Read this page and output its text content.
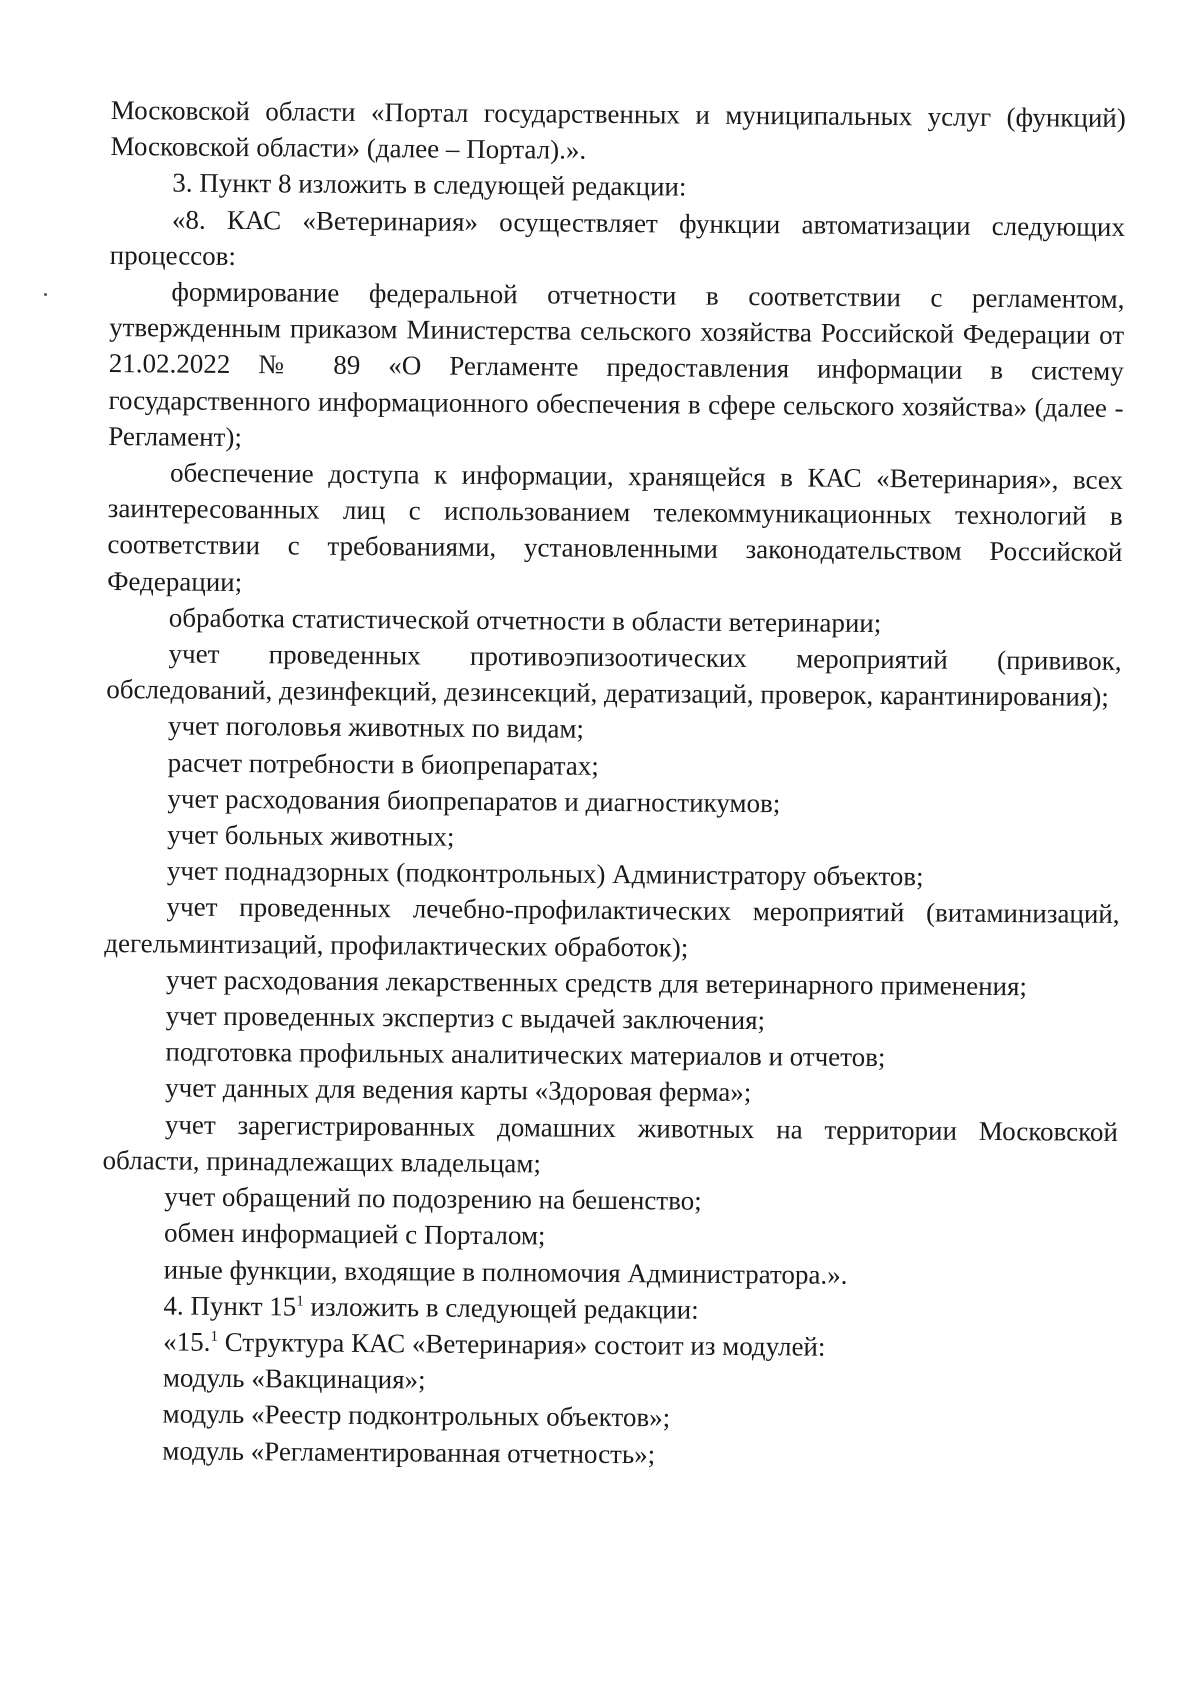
Московской области «Портал государственных и муниципальных услуг (функций) Московской области» (далее – Портал).».

3. Пункт 8 изложить в следующей редакции:

«8. КАС «Ветеринария» осуществляет функции автоматизации следующих процессов:

формирование федеральной отчетности в соответствии с регламентом, утвержденным приказом Министерства сельского хозяйства Российской Федерации от 21.02.2022 № 89 «О Регламенте предоставления информации в систему государственного информационного обеспечения в сфере сельского хозяйства» (далее - Регламент);

обеспечение доступа к информации, хранящейся в КАС «Ветеринария», всех заинтересованных лиц с использованием телекоммуникационных технологий в соответствии с требованиями, установленными законодательством Российской Федерации;

обработка статистической отчетности в области ветеринарии;

учет проведенных противоэпизоотических мероприятий (прививок, обследований, дезинфекций, дезинсекций, дератизаций, проверок, карантинирования);

учет поголовья животных по видам;

расчет потребности в биопрепаратах;

учет расходования биопрепаратов и диагностикумов;

учет больных животных;

учет поднадзорных (подконтрольных) Администратору объектов;

учет проведенных лечебно-профилактических мероприятий (витаминизаций, дегельминтизаций, профилактических обработок);

учет расходования лекарственных средств для ветеринарного применения;

учет проведенных экспертиз с выдачей заключения;

подготовка профильных аналитических материалов и отчетов;

учет данных для ведения карты «Здоровая ферма»;

учет зарегистрированных домашних животных на территории Московской области, принадлежащих владельцам;

учет обращений по подозрению на бешенство;

обмен информацией с Порталом;

иные функции, входящие в полномочия Администратора.».

4. Пункт $15^1$ изложить в следующей редакции:

«15.$^1$ Структура КАС «Ветеринария» состоит из модулей:

модуль «Вакцинация»;

модуль «Реестр подконтрольных объектов»;

модуль «Регламентированная отчетность»;
